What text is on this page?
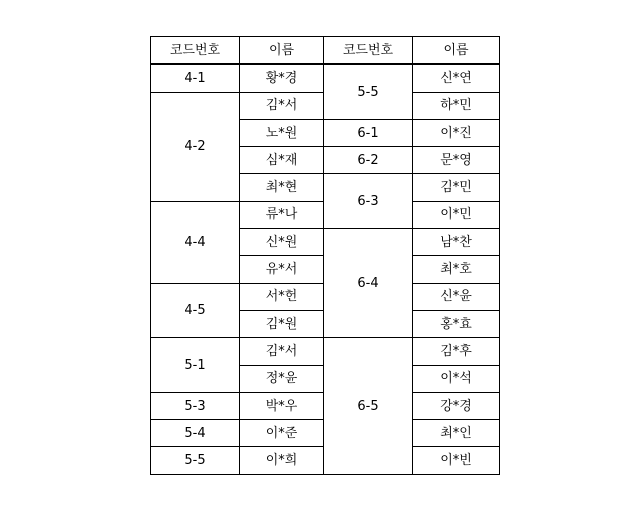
코드번호	이름	코드번호	이름
4-1	황*경	5-5	신*연
4-2	김*서		하*민
	노*원	6-1	이*진
	심*재	6-2	문*영
	최*현	6-3	김*민
4-4	류*나		이*민
	신*원	6-4	남*찬
	유*서		최*호
4-5	서*헌		신*윤
	김*원		홍*효
5-1	김*서	6-5	김*후
	정*윤		이*석
5-3	박*우		강*경
5-4	이*준		최*인
5-5	이*희		이*빈
